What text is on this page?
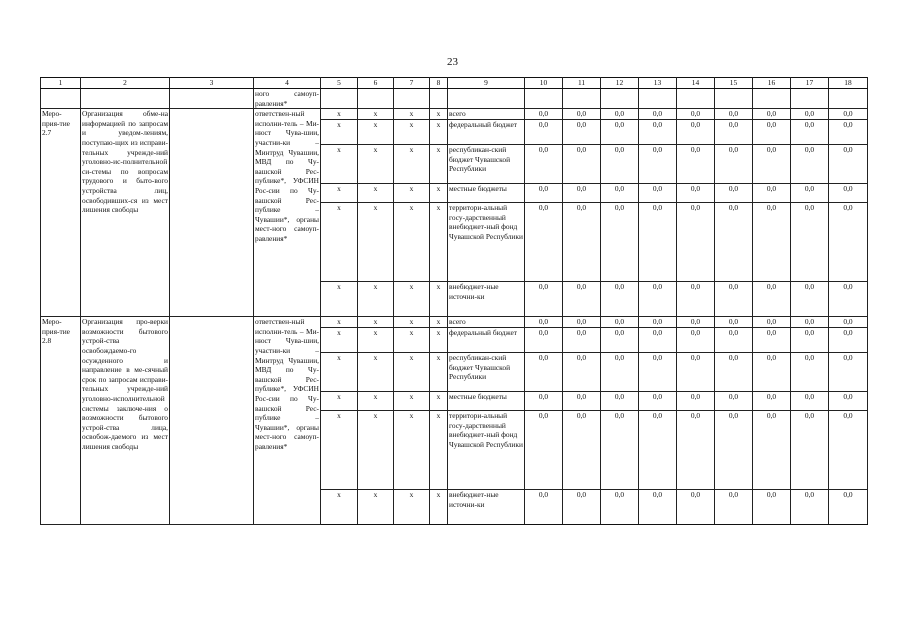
23
1	2	3	4	5	6	7	8	9	10	11	12	13	14	15	16	17	18
			ного самоуп-равления*														
Меро-прия-тие 2.7	Организация обме-на информацией по запросам и уведом-лениям, поступаю-щих из исправи-тельных учрежде-ний уголовно-ис-полнительной си-стемы по вопросам трудового и быто-вого устройства лиц, освободивших-ся из мест лишения свободы		ответствен-ный исполни-тель – Ми-нюст Чува-шии, участни-ки – Минтруд Чувашии, МВД по Чу-вашской Рес-публике*, УФСИН Рос-сии по Чу-вашской Рес-публике – Чувашии*, органы мест-ного самоуп-равления*	x	x	x	x	всего	0,0	0,0	0,0	0,0	0,0	0,0	0,0	0,0	0,0
				x	x	x	x	федеральный бюджет	0,0	0,0	0,0	0,0	0,0	0,0	0,0	0,0	0,0
				x	x	x	x	республикан-ский бюджет Чувашской Республики	0,0	0,0	0,0	0,0	0,0	0,0	0,0	0,0	0,0
				x	x	x	x	местные бюджеты	0,0	0,0	0,0	0,0	0,0	0,0	0,0	0,0	0,0
				x	x	x	x	территори-альный госу-дарственный внебюджет-ный фонд Чувашской Республики	0,0	0,0	0,0	0,0	0,0	0,0	0,0	0,0	0,0
				x	x	x	x	внебюджет-ные источни-ки	0,0	0,0	0,0	0,0	0,0	0,0	0,0	0,0	0,0
Меро-прия-тие 2.8	Организация про-верки возможности бытового устрой-ства освобождаемо-го осужденного и направление в ме-сячный срок по запросам исправи-тельных учрежде-ний уголовно-исполнительной системы заключе-ния о возможности бытового устрой-ства лица, освобож-даемого из мест лишения свободы		ответствен-ный исполни-тель – Ми-нюст Чува-шии, участни-ки – Минтруд Чувашии, МВД по Чу-вашской Рес-публике*, УФСИН Рос-сии по Чу-вашской Рес-публике – Чувашии*, органы мест-ного самоуп-равления*	x	x	x	x	всего	0,0	0,0	0,0	0,0	0,0	0,0	0,0	0,0	0,0
				x	x	x	x	федеральный бюджет	0,0	0,0	0,0	0,0	0,0	0,0	0,0	0,0	0,0
				x	x	x	x	республикан-ский бюджет Чувашской Республики	0,0	0,0	0,0	0,0	0,0	0,0	0,0	0,0	0,0
				x	x	x	x	местные бюджеты	0,0	0,0	0,0	0,0	0,0	0,0	0,0	0,0	0,0
				x	x	x	x	территори-альный госу-дарственный внебюджет-ный фонд Чувашской Республики	0,0	0,0	0,0	0,0	0,0	0,0	0,0	0,0	0,0
				x	x	x	x	внебюджет-ные источни-ки	0,0	0,0	0,0	0,0	0,0	0,0	0,0	0,0	0,0
